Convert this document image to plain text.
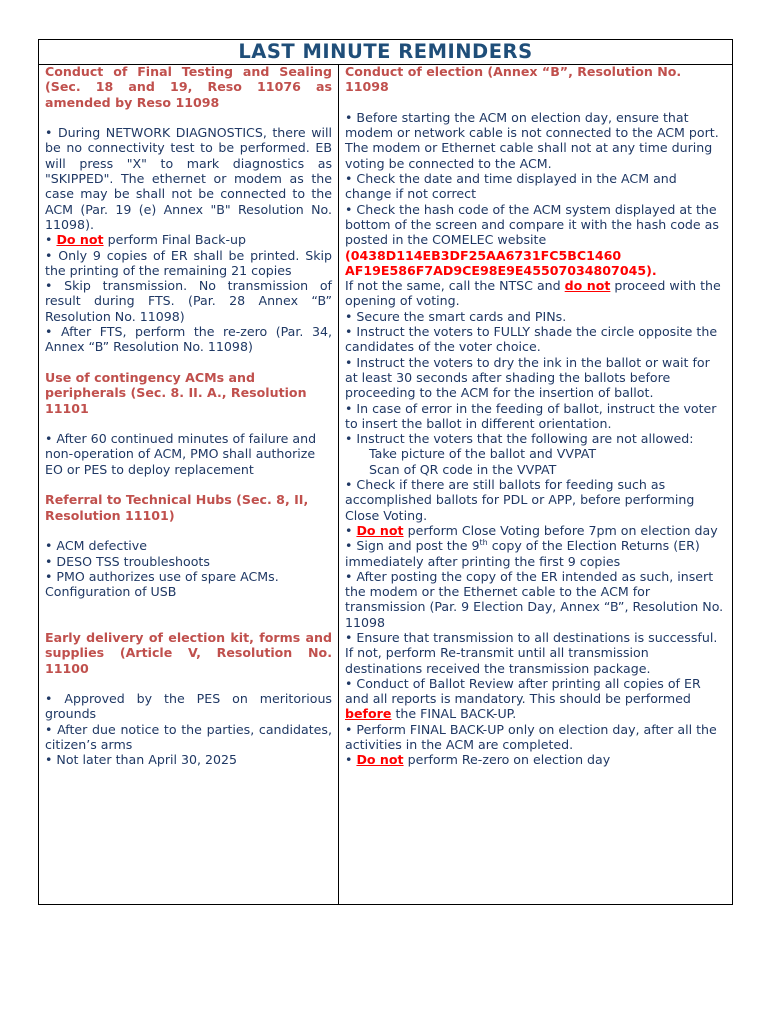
LAST MINUTE REMINDERS

Conduct of Final Testing and Sealing (Sec. 18 and 19, Reso 11076 as amended by Reso 11098

• During NETWORK DIAGNOSTICS, there will be no connectivity test to be performed. EB will press "X" to mark diagnostics as "SKIPPED". The ethernet or modem as the case may be shall not be connected to the ACM (Par. 19 (e) Annex "B" Resolution No. 11098).

• Do not perform Final Back-up

• Only 9 copies of ER shall be printed. Skip the printing of the remaining 21 copies

• Skip transmission. No transmission of result during FTS. (Par. 28 Annex “B” Resolution No. 11098)

• After FTS, perform the re-zero (Par. 34, Annex “B” Resolution No. 11098)

Use of contingency ACMs and peripherals (Sec. 8. II. A., Resolution 11101

• After 60 continued minutes of failure and non-operation of ACM, PMO shall authorize EO or PES to deploy replacement

Referral to Technical Hubs (Sec. 8, II, Resolution 11101)

• ACM defective

• DESO TSS troubleshoots

• PMO authorizes use of spare ACMs. Configuration of USB

Early delivery of election kit, forms and supplies (Article V, Resolution No. 11100

• Approved by the PES on meritorious grounds

• After due notice to the parties, candidates, citizen’s arms

• Not later than April 30, 2025

Conduct of election (Annex “B”, Resolution No. 11098

• Before starting the ACM on election day, ensure that modem or network cable is not connected to the ACM port. The modem or Ethernet cable shall not at any time during voting be connected to the ACM.

• Check the date and time displayed in the ACM and change if not correct

• Check the hash code of the ACM system displayed at the bottom of the screen and compare it with the hash code as posted in the COMELEC website

(0438D114EB3DF25AA6731FC5BC1460 AF19E586F7AD9CE98E9E45507034807045).

If not the same, call the NTSC and do not proceed with the opening of voting.

• Secure the smart cards and PINs.

• Instruct the voters to FULLY shade the circle opposite the candidates of the voter choice.

• Instruct the voters to dry the ink in the ballot or wait for at least 30 seconds after shading the ballots before proceeding to the ACM for the insertion of ballot.

• In case of error in the feeding of ballot, instruct the voter to insert the ballot in different orientation.

• Instruct the voters that the following are not allowed:

Take picture of the ballot and VVPAT

Scan of QR code in the VVPAT

• Check if there are still ballots for feeding such as accomplished ballots for PDL or APP, before performing Close Voting.

• Do not perform Close Voting before 7pm on election day

• Sign and post the 9th copy of the Election Returns (ER) immediately after printing the first 9 copies

• After posting the copy of the ER intended as such, insert the modem or the Ethernet cable to the ACM for transmission (Par. 9 Election Day, Annex “B”, Resolution No. 11098

• Ensure that transmission to all destinations is successful. If not, perform Re-transmit until all transmission destinations received the transmission package.

• Conduct of Ballot Review after printing all copies of ER and all reports is mandatory. This should be performed before the FINAL BACK-UP.

• Perform FINAL BACK-UP only on election day, after all the activities in the ACM are completed.

• Do not perform Re-zero on election day
